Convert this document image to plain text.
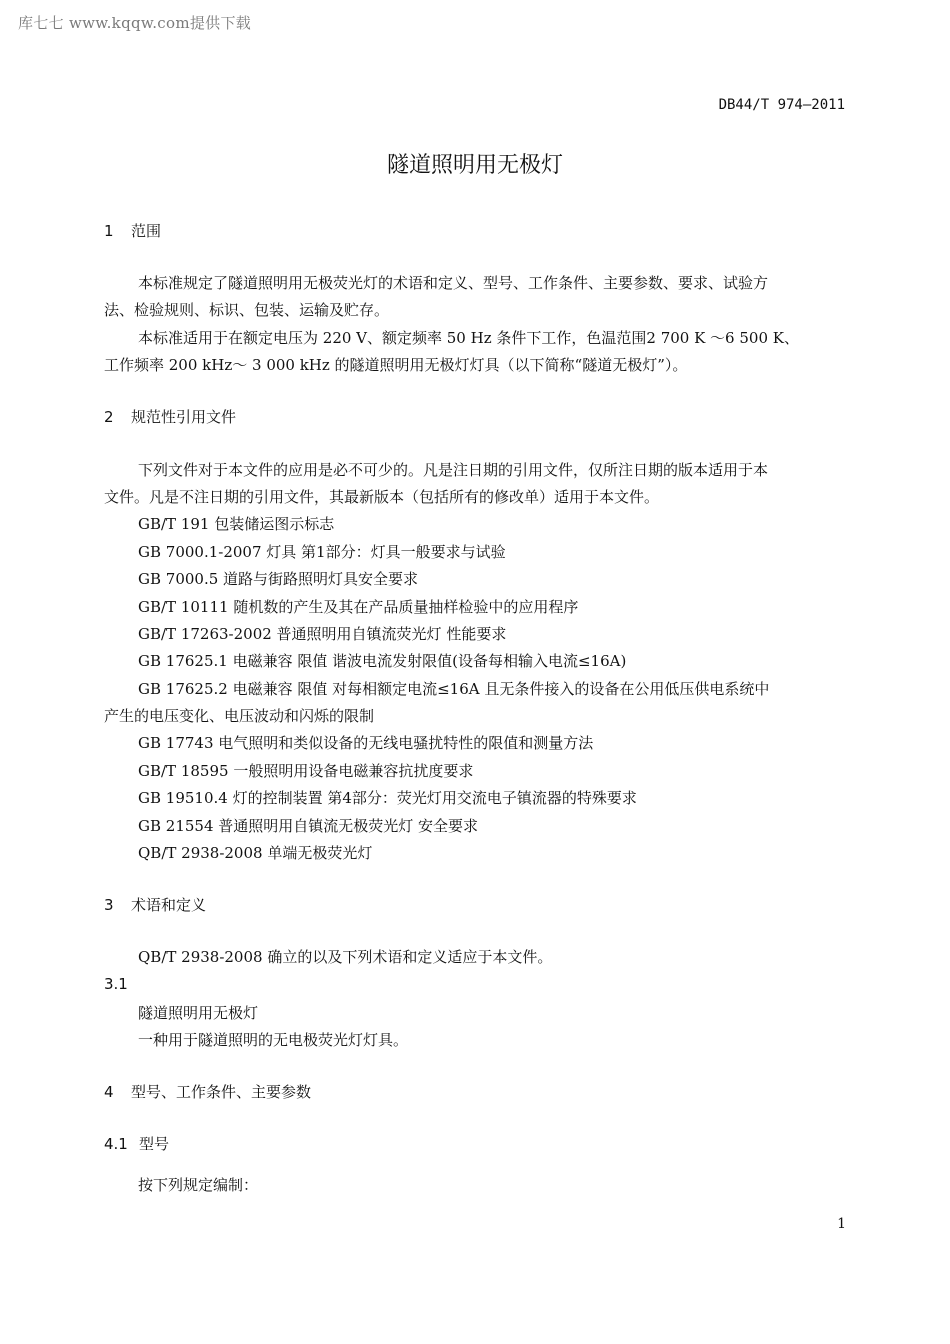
库七七 www.kqqw.com提供下载
DB44/T 974—2011
隧道照明用无极灯
1 范围
本标准规定了隧道照明用无极荧光灯的术语和定义、型号、工作条件、主要参数、要求、试验方
法、检验规则、标识、包装、运输及贮存。
本标准适用于在额定电压为 220 V、额定频率 50 Hz 条件下工作，色温范围2 700 K ～6 500 K、
工作频率 200 kHz～ 3 000 kHz 的隧道照明用无极灯灯具（以下简称“隧道无极灯”）。
2 规范性引用文件
下列文件对于本文件的应用是必不可少的。凡是注日期的引用文件，仅所注日期的版本适用于本
文件。凡是不注日期的引用文件，其最新版本（包括所有的修改单）适用于本文件。
GB/T 191 包装储运图示标志
GB 7000.1-2007 灯具 第1部分：灯具一般要求与试验
GB 7000.5 道路与街路照明灯具安全要求
GB/T 10111 随机数的产生及其在产品质量抽样检验中的应用程序
GB/T 17263-2002 普通照明用自镇流荧光灯 性能要求
GB 17625.1 电磁兼容 限值 谐波电流发射限值(设备每相输入电流≤16A)
GB 17625.2 电磁兼容 限值 对每相额定电流≤16A 且无条件接入的设备在公用低压供电系统中
产生的电压变化、电压波动和闪烁的限制
GB 17743 电气照明和类似设备的无线电骚扰特性的限值和测量方法
GB/T 18595 一般照明用设备电磁兼容抗扰度要求
GB 19510.4 灯的控制装置 第4部分：荧光灯用交流电子镇流器的特殊要求
GB 21554 普通照明用自镇流无极荧光灯 安全要求
QB/T 2938-2008 单端无极荧光灯
3 术语和定义
QB/T 2938-2008 确立的以及下列术语和定义适应于本文件。
3.1
隧道照明用无极灯
一种用于隧道照明的无电极荧光灯灯具。
4 型号、工作条件、主要参数
4.1 型号
按下列规定编制：
1
